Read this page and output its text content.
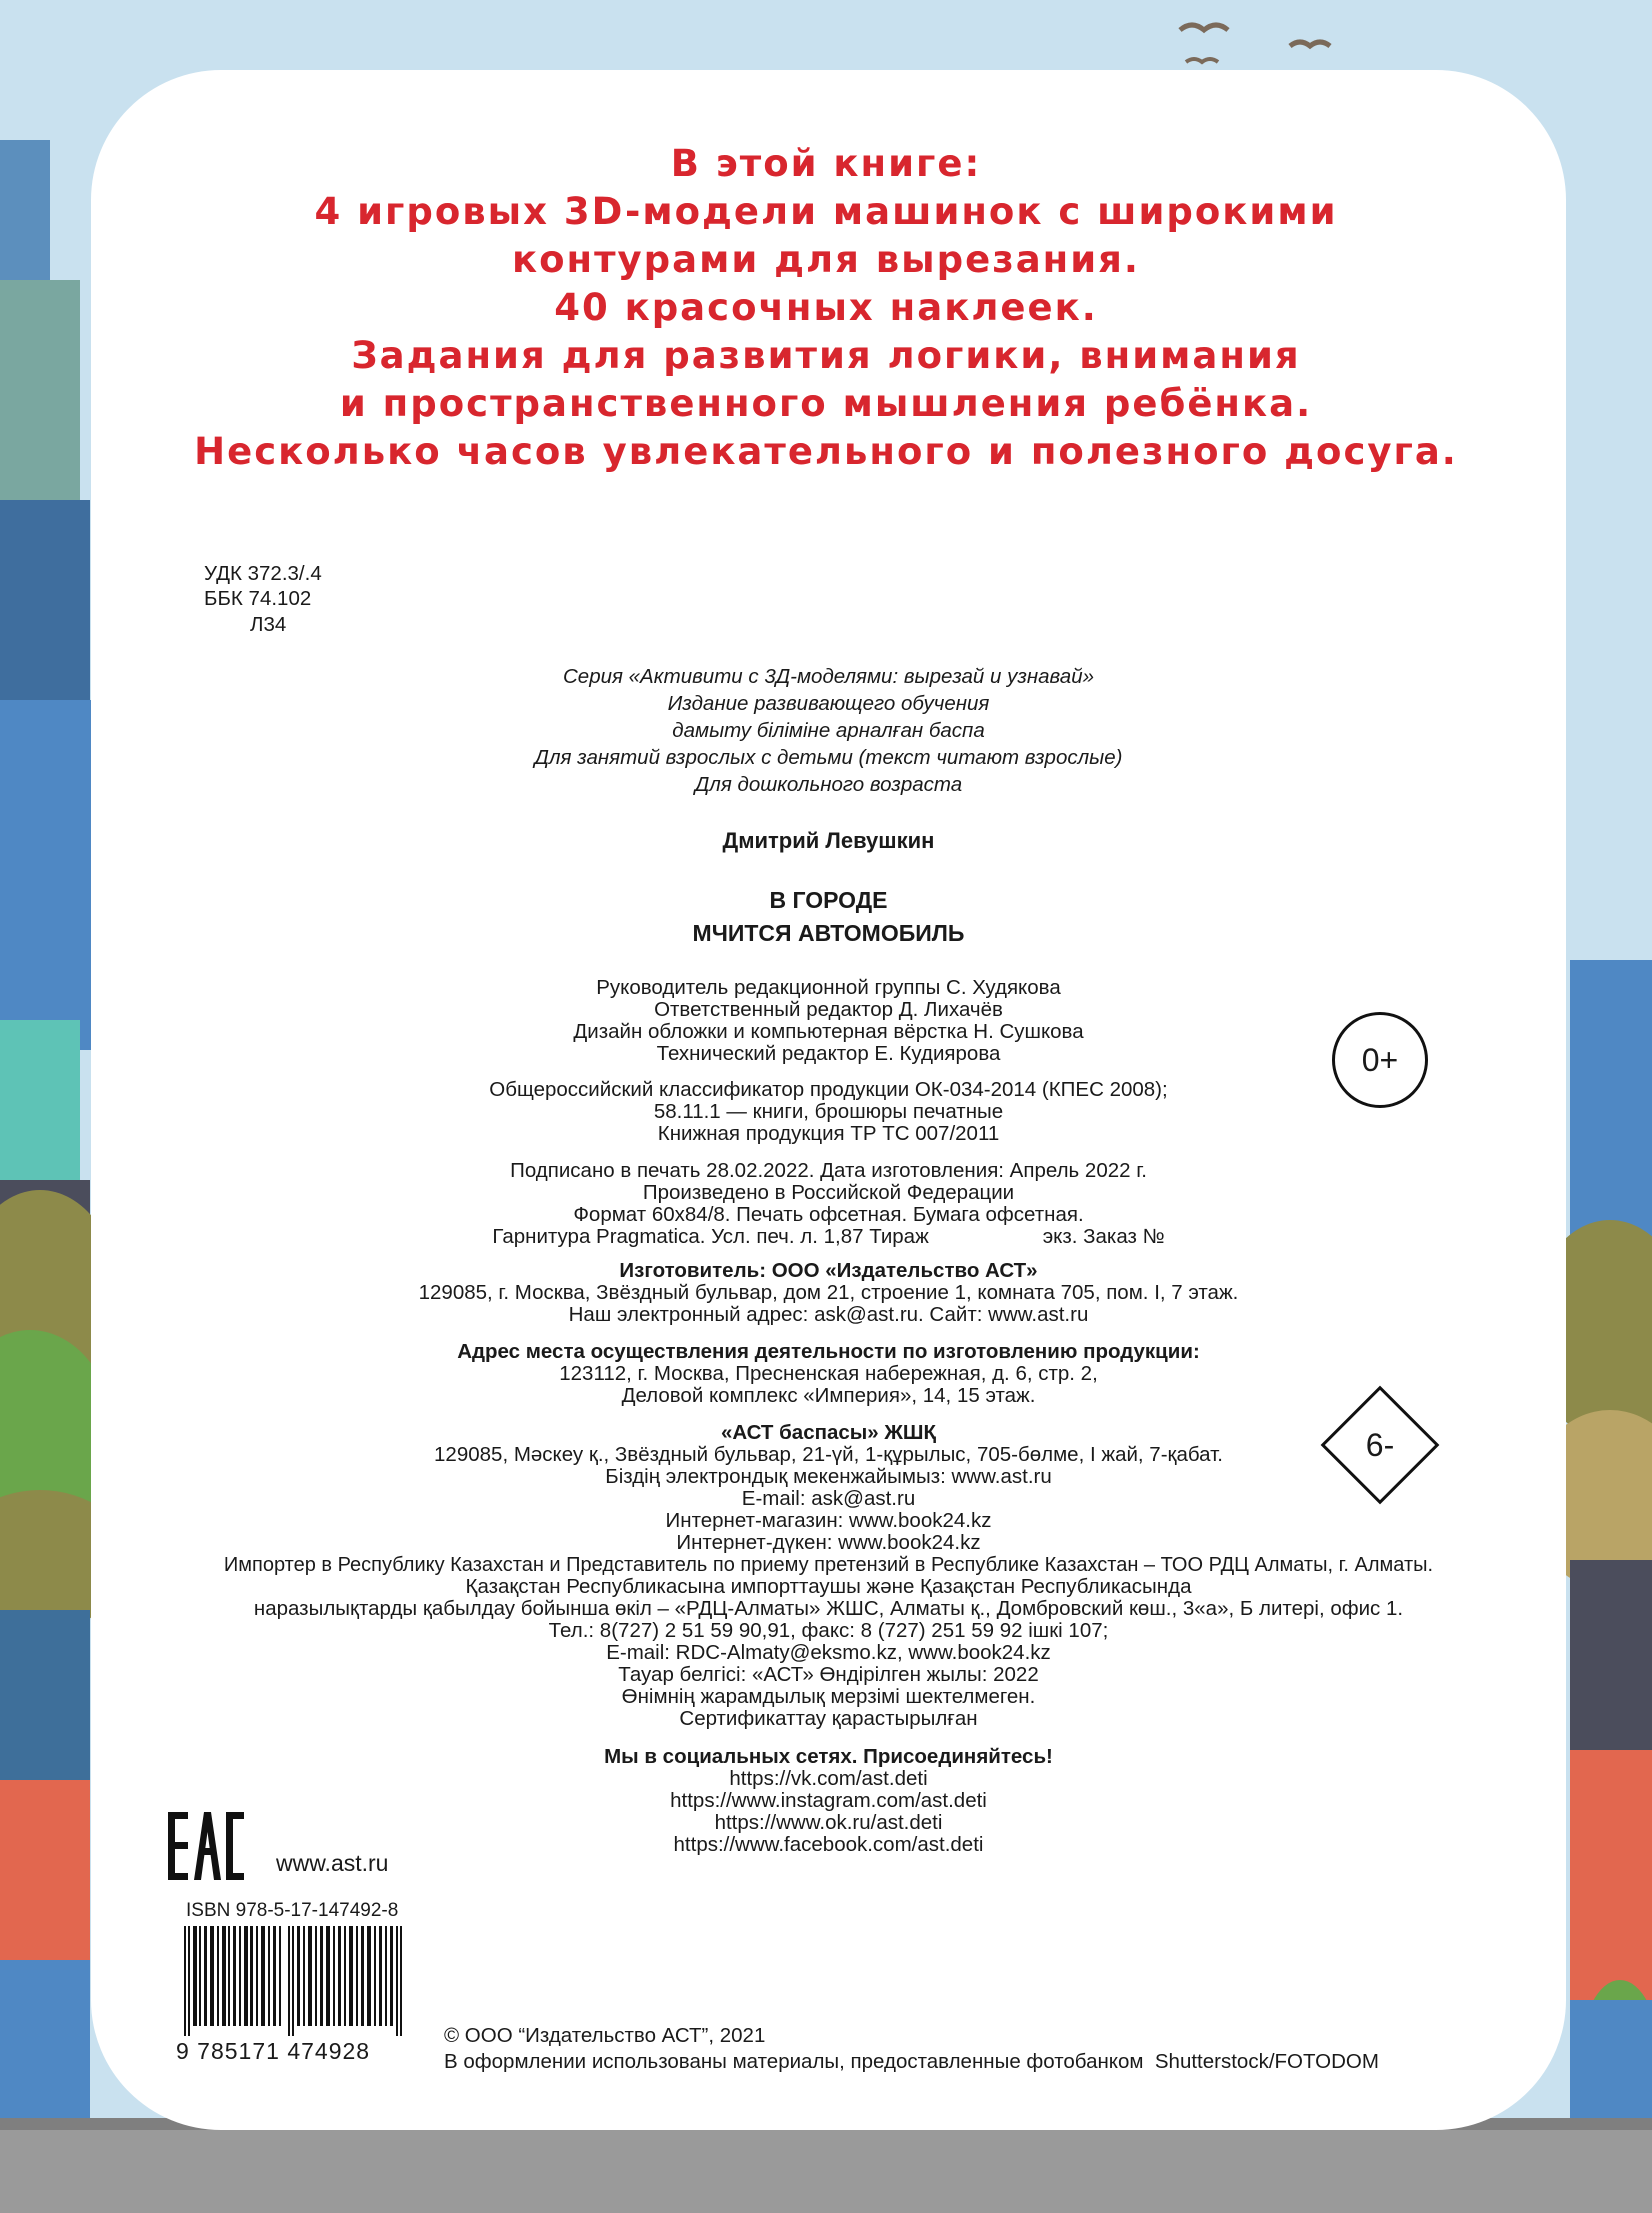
В этой книге:
4 игровых 3D-модели машинок с широкими
контурами для вырезания.
40 красочных наклеек.
Задания для развития логики, внимания
и пространственного мышления ребёнка.
Несколько часов увлекательного и полезного досуга.
УДК 372.3/.4
ББК 74.102
Л34
Серия «Активити с 3Д-моделями: вырезай и узнавай»
Издание развивающего обучения
дамыту біліміне арналған баспа
Для занятий взрослых с детьми (текст читают взрослые)
Для дошкольного возраста
Дмитрий Левушкин
В ГОРОДЕ
МЧИТСЯ АВТОМОБИЛЬ
Руководитель редакционной группы С. Худякова
Ответственный редактор Д. Лихачёв
Дизайн обложки и компьютерная вёрстка Н. Сушкова
Технический редактор Е. Кудиярова
Общероссийский классификатор продукции ОК-034-2014 (КПЕС 2008);
58.11.1 — книги, брошюры печатные
Книжная продукция ТР ТС 007/2011
Подписано в печать 28.02.2022. Дата изготовления: Апрель 2022 г.
Произведено в Российской Федерации
Формат 60х84/8. Печать офсетная. Бумага офсетная.
Гарнитура Pragmatica. Усл. печ. л. 1,87 Тираж                    экз. Заказ №
Изготовитель: ООО «Издательство АСТ»
129085, г. Москва, Звёздный бульвар, дом 21, строение 1, комната 705, пом. I, 7 этаж.
Наш электронный адрес: ask@ast.ru. Сайт: www.ast.ru
Адрес места осуществления деятельности по изготовлению продукции:
123112, г. Москва, Пресненская набережная, д. 6, стр. 2,
Деловой комплекс «Империя», 14, 15 этаж.
«АСТ баспасы» ЖШҚ
129085, Мәскеу қ., Звёздный бульвар, 21-үй, 1-құрылыс, 705-бөлме, I жай, 7-қабат.
Біздің электрондық мекенжайымыз: www.ast.ru
E-mail: ask@ast.ru
Интернет-магазин: www.book24.kz
Интернет-дүкен: www.book24.kz
Импортер в Республику Казахстан и Представитель по приему претензий в Республике Казахстан – ТОО РДЦ Алматы, г. Алматы.
Қазақстан Республикасына импорттаушы және Қазақстан Республикасында
наразылықтарды қабылдау бойынша өкіл – «РДЦ-Алматы» ЖШС, Алматы қ., Домбровский көш., 3«а», Б литері, офис 1.
Тел.: 8(727) 2 51 59 90,91, факс: 8 (727) 251 59 92 ішкі 107;
E-mail: RDC-Almaty@eksmo.kz, www.book24.kz
Тауар белгісі: «АСТ» Өндірілген жылы: 2022
Өнімнің жарамдылық мерзімі шектелмеген.
Сертификаттау қарастырылған
Мы в социальных сетях. Присоединяйтесь!
https://vk.com/ast.deti
https://www.instagram.com/ast.deti
https://www.ok.ru/ast.deti
https://www.facebook.com/ast.deti
0+
6-
www.ast.ru
ISBN 978-5-17-147492-8
9 785171 474928
© ООО “Издательство АСТ”, 2021
В оформлении использованы материалы, предоставленные фотобанком  Shutterstock/FOTODOM
